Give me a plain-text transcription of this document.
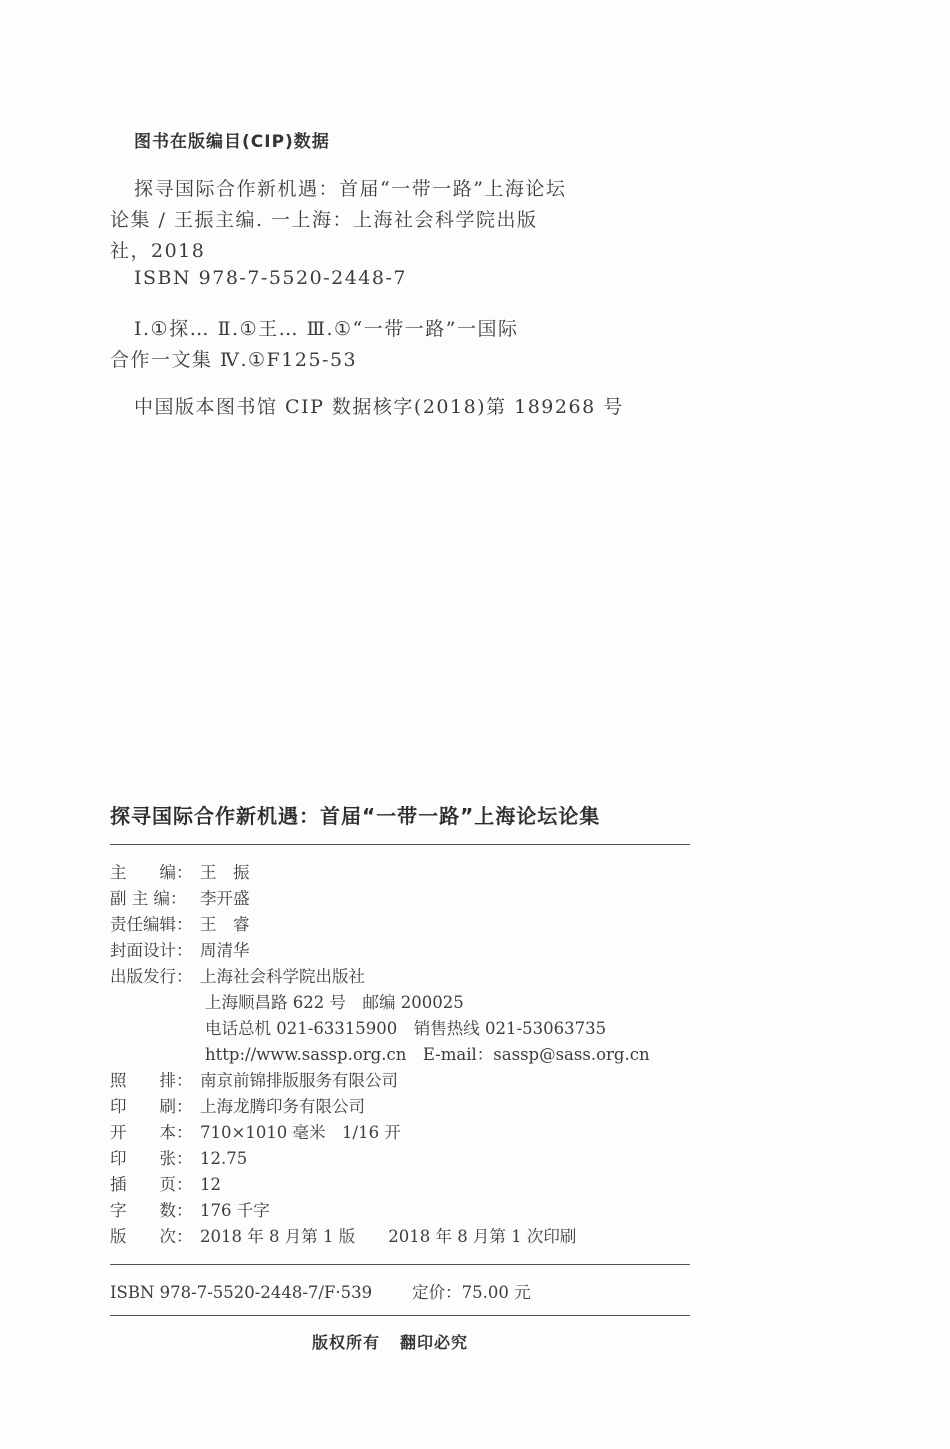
图书在版编目(CIP)数据
探寻国际合作新机遇：首届“一带一路”上海论坛
论集 / 王振主编. 一上海：上海社会科学院出版
社，2018
ISBN 978-7-5520-2448-7
Ⅰ.①探… Ⅱ.①王… Ⅲ.①“一带一路”一国际
合作一文集 Ⅳ.①F125-53
中国版本图书馆 CIP 数据核字(2018)第 189268 号
探寻国际合作新机遇：首届“一带一路”上海论坛论集
主　　编： 王　振
副 主 编： 李开盛
责任编辑： 王　睿
封面设计： 周清华
出版发行： 上海社会科学院出版社
上海顺昌路 622 号　邮编 200025
电话总机 021-63315900　销售热线 021-53063735
http://www.sassp.org.cn　E-mail：sassp@sass.org.cn
照　　排： 南京前锦排版服务有限公司
印　　刷： 上海龙腾印务有限公司
开　　本： 710×1010 毫米　1/16 开
印　　张： 12.75
插　　页： 12
字　　数： 176 千字
版　　次： 2018 年 8 月第 1 版　　2018 年 8 月第 1 次印刷
ISBN 978-7-5520-2448-7/F·539 定价：75.00 元
版权所有 翻印必究
